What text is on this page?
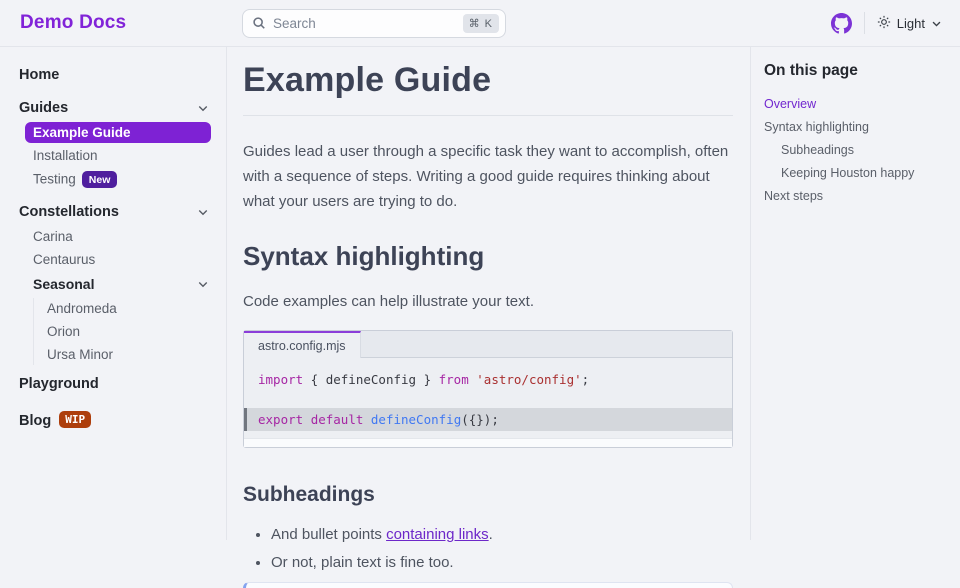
Demo Docs	Search	⌘ K	Light
Home
Guides
Example Guide
Installation
Testing New
Constellations
Carina
Centaurus
Seasonal
Andromeda
Orion
Ursa Minor
Playground
Blog WIP
Example Guide

Guides lead a user through a specific task they want to accomplish, often with a sequence of steps. Writing a good guide requires thinking about what your users are trying to do.

Syntax highlighting

Code examples can help illustrate your text.

astro.config.mjs
import { defineConfig } from 'astro/config';
export default defineConfig({});
Subheadings
• And bullet points containing links.
• Or not, plain text is fine too.
On this page
Overview
Syntax highlighting
Subheadings
Keeping Houston happy
Next steps
